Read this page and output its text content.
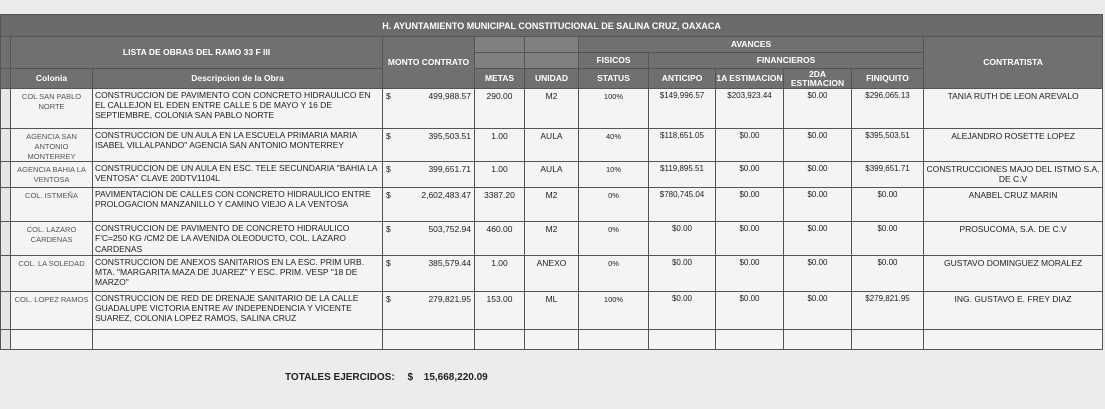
H. AYUNTAMIENTO MUNICIPAL CONSTITUCIONAL DE SALINA CRUZ, OAXACA											
	LISTA DE OBRAS DEL RAMO 33 F III		MONTO CONTRATO			AVANCES					CONTRATISTA
						FISICOS	FINANCIEROS				
	Colonia	Descripcion de la Obra		METAS	UNIDAD	STATUS	ANTICIPO	1A ESTIMACION	2DA ESTIMACION	FINIQUITO	
	COL SAN PABLO NORTE	CONSTRUCCION DE PAVIMENTO CON CONCRETO HIDRAULICO EN EL CALLEJON EL EDEN ENTRE CALLE 5 DE MAYO Y 16 DE SEPTIEMBRE, COLONIA SAN PABLO NORTE	$ 499,988.57	290.00	M2	100%	$149,996.57	$203,923.44	$0.00	$296,065.13	TANIA RUTH DE LEON AREVALO
	AGENCIA SAN ANTONIO MONTERREY	CONSTRUCCION DE UN AULA EN LA ESCUELA PRIMARIA MARIA ISABEL VILLALPANDO" AGENCIA SAN ANTONIO MONTERREY	$ 395,503.51	1.00	AULA	40%	$118,651.05	$0.00	$0.00	$395,503.51	ALEJANDRO ROSETTE LOPEZ
	AGENCIA BAHIA LA VENTOSA	CONSTRUCCION DE UN AULA EN ESC. TELE SECUNDARIA "BAHIA LA VENTOSA" CLAVE 20DTV1104L	$ 399,651.71	1.00	AULA	10%	$119,895.51	$0.00	$0.00	$399,651.71	CONSTRUCCIONES MAJO DEL ISTMO S.A. DE C.V
	COL. ISTMEÑA	PAVIMENTACION DE CALLES CON CONCRETO HIDRAULICO ENTRE PROLOGACION MANZANILLO Y CAMINO VIEJO A LA VENTOSA	$ 2,602,483.47	3387.20	M2	0%	$780,745.04	$0.00	$0.00	$0.00	ANABEL CRUZ MARIN
	COL. LAZARO CARDENAS	CONSTRUCCION DE PAVIMENTO DE CONCRETO HIDRAULICO F'C=250 KG /CM2 DE LA AVENIDA OLEODUCTO, COL. LAZARO CARDENAS	$ 503,752.94	460.00	M2	0%	$0.00	$0.00	$0.00	$0.00	PROSUCOMA, S.A. DE C.V
	COL. LA SOLEDAD	CONSTRUCCION DE ANEXOS SANITARIOS EN LA ESC. PRIM URB. MTA. "MARGARITA MAZA DE JUAREZ" Y ESC. PRIM. VESP "18 DE MARZO"	$ 385,579.44	1.00	ANEXO	0%	$0.00	$0.00	$0.00	$0.00	GUSTAVO DOMINGUEZ MORALEZ
	COL. LOPEZ RAMOS	CONSTRUCCION DE RED DE DRENAJE SANITARIO DE LA CALLE GUADALUPE VICTORIA ENTRE AV INDEPENDENCIA Y VICENTE SUAREZ, COLONIA LOPEZ RAMOS, SALINA CRUZ	$ 279,821.95	153.00	ML	100%	$0.00	$0.00	$0.00	$279,821.95	ING. GUSTAVO E. FREY DIAZ

TOTALES EJERCIDOS: $ 15,668,220.09
